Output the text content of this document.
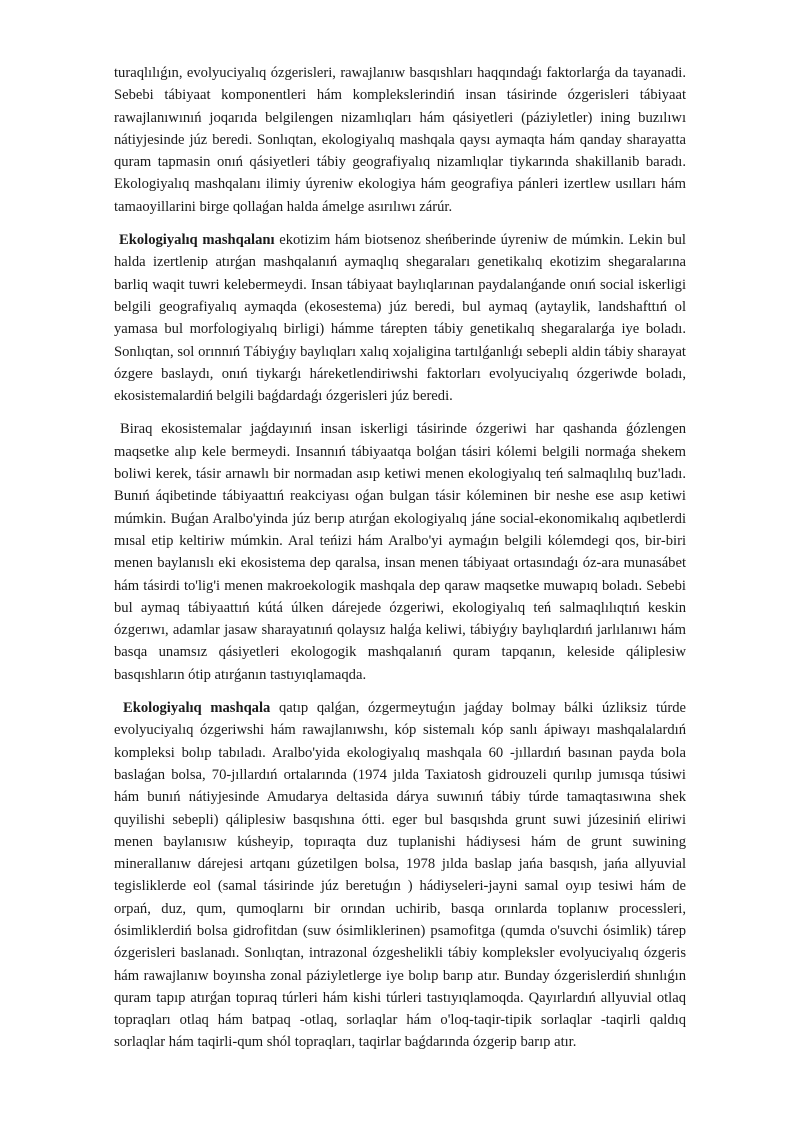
turaqlılıǵın, evolyuciyalıq ózgerisleri, rawajlanıw basqıshları haqqındaǵı faktorlarǵa da tayanadi. Sebebi tábiyaat komponentleri hám komplekslerindiń insan tásirinde ózgerisleri tábiyaat rawajlanıwınıń joqarıda belgilengen nizamlıqları hám qásiyetleri (páziyletler) ining buzılıwı nátiyjesinde júz beredi. Sonlıqtan, ekologiyalıq mashqala qaysı aymaqta hám qanday sharayatta quram tapmasin onıń qásiyetleri tábiy geografiyalıq nizamlıqlar tiykarında shakillanib baradı. Ekologiyalıq mashqalanı ilimiy úyreniw ekologiya hám geografiya pánleri izertlew usılları hám tamaoyillarini birge qollaǵan halda ámelge asırılıwı zárúr.

Ekologiyalıq mashqalanı ekotizim hám biotsenoz sheńberinde úyreniw de múmkin. Lekin bul halda izertlenip atırǵan mashqalanıń aymaqlıq shegaraları genetikalıq ekotizim shegaralarına barliq waqit tuwri kelebermeydi. Insan tábiyaat baylıqlarınan paydalanǵande onıń social iskerligi belgili geografiyalıq aymaqda (ekosestema) júz beredi, bul aymaq (aytaylik, landshafttıń ol yamasa bul morfologiyalıq birligi) hámme tárepten tábiy genetikalıq shegaralarǵa iye boladı. Sonlıqtan, sol orınnıń Tábiyǵıy baylıqları xalıq xojaligina tartılǵanlıǵı sebepli aldin tábiy sharayat ózgere baslaydı, onıń tiykarǵı háreketlendiriwshi faktorları evolyuciyalıq ózgeriwde boladı, ekosistemalardiń belgili baǵdardaǵı ózgerisleri júz beredi.

Biraq ekosistemalar jaǵdayınıń insan iskerligi tásirinde ózgeriwi har qashanda ǵózlengen maqsetke alıp kele bermeydi. Insannıń tábiyaatqa bolǵan tásiri kólemi belgili normaǵa shekem boliwi kerek, tásir arnawlı bir normadan asıp ketiwi menen ekologiyalıq teń salmaqlılıq buz'ladı. Bunıń áqibetinde tábiyaattıń reakciyası oǵan bulgan tásir kóleminen bir neshe ese asıp ketiwi múmkin. Buǵan Aralbo'yinda júz berıp atırǵan ekologiyalıq jáne social-ekonomikalıq aqıbetlerdi mısal etip keltiriw múmkin. Aral teńizi hám Aralbo'yi aymaǵın belgili kólemdegi qos, bir-biri menen baylanıslı eki ekosistema dep qaralsa, insan menen tábiyaat ortasındaǵı óz-ara munasábet hám tásirdi to'lig'i menen makroekologik mashqala dep qaraw maqsetke muwapıq boladı. Sebebi bul aymaq tábiyaattıń kútá úlken dárejede ózgeriwi, ekologiyalıq teń salmaqlılıqtıń keskin ózgerıwı, adamlar jasaw sharayatınıń qolaysız halǵa keliwi, tábiyǵıy baylıqlardıń jarlılanıwı hám basqa unamsız qásiyetleri ekologogik mashqalanıń quram tapqanın, keleside qáliplesiw basqıshların ótip atırǵanın tastıyıqlamaqda.

Ekologiyalıq mashqala qatıp qalǵan, ózgermeytuǵın jaǵday bolmay bálki úzliksiz túrde evolyuciyalıq ózgeriwshi hám rawajlanıwshı, kóp sistemalı kóp sanlı ápiwayı mashqalalardıń kompleksi bolıp tabıladı. Aralbo'yida ekologiyalıq mashqala 60 -jıllardıń basınan payda bola baslaǵan bolsa, 70-jıllardıń ortalarında (1974 jılda Taxiatosh gidrouzeli qurılıp jumısqa túsiwi hám bunıń nátiyjesinde Amudarya deltasida dárya suwınıń tábiy túrde tamaqtasıwına shek quyilishi sebepli) qáliplesiw basqıshına ótti. eger bul basqıshda grunt suwi júzesiniń eliriwi menen baylanısıw kúsheyip, topıraqta duz tuplanishi hádiysesi hám de grunt suwining minerallanıw dárejesi artqanı gúzetilgen bolsa, 1978 jılda baslap jańa basqısh, jańa allyuvial tegisliklerde eol (samal tásirinde júz beretuǵın ) hádiyseleri-jayni samal oyıp tesiwi hám de orpań, duz, qum, qumoqlarnı bir orından uchirib, basqa orınlarda toplanıw processleri, ósimliklerdiń bolsa gidrofitdan (suw ósimliklerinen) psamofitga (qumda o'suvchi ósimlik) tárep ózgerisleri baslanadı. Sonlıqtan, intrazonal ózgeshelikli tábiy kompleksler evolyuciyalıq ózgeris hám rawajlanıw boyınsha zonal páziyletlerge iye bolıp barıp atır. Bunday ózgerislerdiń shınlıǵın quram tapıp atırǵan topıraq túrleri hám kishi túrleri tastıyıqlamoqda. Qayırlardıń allyuvial otlaq topraqları otlaq hám batpaq -otlaq, sorlaqlar hám o'loq-taqir-tipik sorlaqlar -taqirli qaldıq sorlaqlar hám taqirli-qum shól topraqları, taqirlar baǵdarında ózgerip barıp atır.
